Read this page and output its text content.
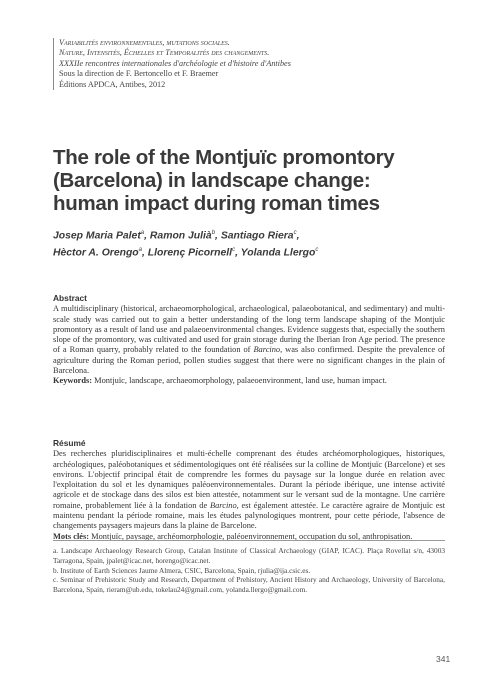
Variabilités environnementales, mutations sociales.
Nature, Intensités, Échelles et Temporalités des changements.
XXXIIe rencontres internationales d'archéologie et d'histoire d'Antibes
Sous la direction de F. Bertoncello et F. Braemer
Éditions APDCA, Antibes, 2012
The role of the Montjuïc promontory
(Barcelona) in landscape change:
human impact during roman times
Josep Maria Palet$^a$, Ramon Julià$^b$, Santiago Riera$^c$,
Hèctor A. Orengo$^a$, Llorenç Picornell$^c$, Yolanda Llergo$^c$
Abstract
A multidisciplinary (historical, archaeomorphological, archaeological, palaeobotanical, and sedimentary) and multi-scale study was carried out to gain a better understanding of the long term landscape shaping of the Montjuïc promontory as a result of land use and palaeoenvironmental changes. Evidence suggests that, especially the southern slope of the promontory, was cultivated and used for grain storage during the Iberian Iron Age period. The presence of a Roman quarry, probably related to the foundation of Barcino, was also confirmed. Despite the prevalence of agriculture during the Roman period, pollen studies suggest that there were no significant changes in the plain of Barcelona.
Keywords: Montjuïc, landscape, archaeomorphology, palaeoenvironment, land use, human impact.
Résumé
Des recherches pluridisciplinaires et multi-échelle comprenant des études archéomorphologiques, historiques, archéologiques, paléobotaniques et sédimentologiques ont été réalisées sur la colline de Montjuïc (Barcelone) et ses environs. L'objectif principal était de comprendre les formes du paysage sur la longue durée en relation avec l'exploitation du sol et les dynamiques paléoenvironnementales. Durant la période ibérique, une intense activité agricole et de stockage dans des silos est bien attestée, notamment sur le versant sud de la montagne. Une carrière romaine, probablement liée à la fondation de Barcino, est également attestée. Le caractère agraire de Montjuïc est maintenu pendant la période romaine, mais les études palynologiques montrent, pour cette période, l'absence de changements paysagers majeurs dans la plaine de Barcelone.
Mots clés: Montjuïc, paysage, archéomorphologie, paléoenvironnement, occupation du sol, anthropisation.

a. Landscape Archaeology Research Group, Catalan Institute of Classical Archaeology (GIAP, ICAC). Plaça Rovellat s/n, 43003 Tarragona, Spain, jpalet@icac.net, horengo@icac.net.

b. Institute of Earth Sciences Jaume Almera, CSIC, Barcelona, Spain, rjulia@ija.csic.es.

c. Seminar of Prehistoric Study and Research, Department of Prehistory, Ancient History and Archaeology, University of Barcelona, Barcelona, Spain, rieram@ub.edu, tokelau24@gmail.com, yolanda.llergo@gmail.com.

341
